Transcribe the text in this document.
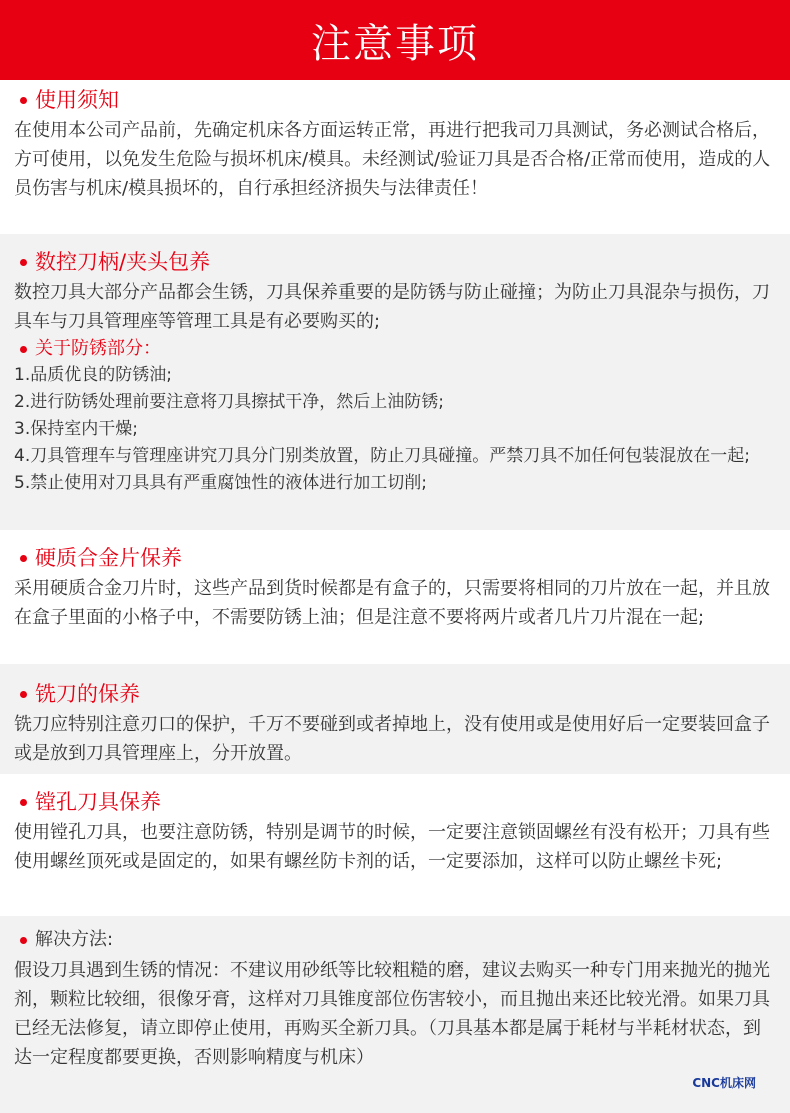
注意事项
使用须知

在使用本公司产品前，先确定机床各方面运转正常，再进行把我司刀具测试，务必测试合格后，方可使用，以免发生危险与损坏机床/模具。未经测试/验证刀具是否合格/正常而使用，造成的人员伤害与机床/模具损坏的，自行承担经济损失与法律责任！

数控刀柄/夹头包养

数控刀具大部分产品都会生锈，刀具保养重要的是防锈与防止碰撞；为防止刀具混杂与损伤，刀具车与刀具管理座等管理工具是有必要购买的;

关于防锈部分：
1.品质优良的防锈油;
2.进行防锈处理前要注意将刀具擦拭干净，然后上油防锈;
3.保持室内干燥;
4.刀具管理车与管理座讲究刀具分门别类放置，防止刀具碰撞。严禁刀具不加任何包装混放在一起;
5.禁止使用对刀具具有严重腐蚀性的液体进行加工切削;
硬质合金片保养

采用硬质合金刀片时，这些产品到货时候都是有盒子的，只需要将相同的刀片放在一起，并且放在盒子里面的小格子中，不需要防锈上油；但是注意不要将两片或者几片刀片混在一起;

铣刀的保养

铣刀应特别注意刃口的保护，千万不要碰到或者掉地上，没有使用或是使用好后一定要装回盒子或是放到刀具管理座上，分开放置。

镗孔刀具保养

使用镗孔刀具，也要注意防锈，特别是调节的时候，一定要注意锁固螺丝有没有松开；刀具有些使用螺丝顶死或是固定的，如果有螺丝防卡剂的话，一定要添加，这样可以防止螺丝卡死;

解决方法:

假设刀具遇到生锈的情况：不建议用砂纸等比较粗糙的磨，建议去购买一种专门用来抛光的抛光剂，颗粒比较细，很像牙膏，这样对刀具锥度部位伤害较小，而且抛出来还比较光滑。如果刀具已经无法修复，请立即停止使用，再购买全新刀具。（刀具基本都是属于耗材与半耗材状态，到达一定程度都要更换，否则影响精度与机床）

CNC机床网
